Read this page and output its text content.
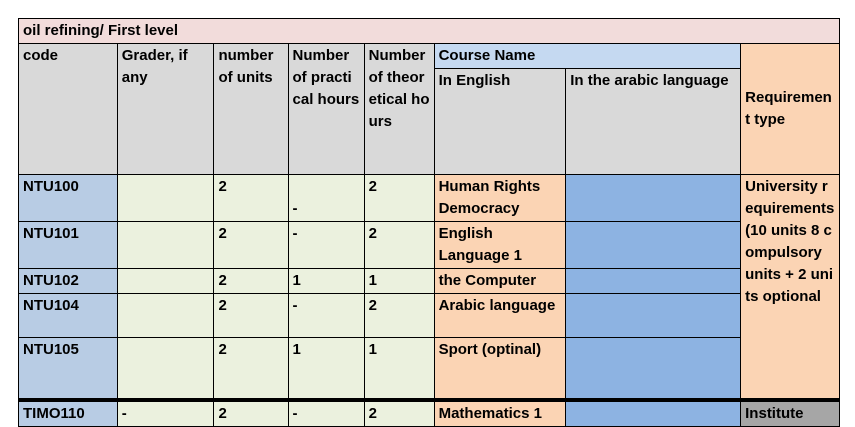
oil refining/ First level							
code	Grader, if any	number of units	Number of practical hours	Number of theoretical hours	Course Name		Requirement type
					In English	In the arabic language	
NTU100		2	-	2	Human Rights Democracy		University requirements (10 units 8 compulsory units + 2 units optional
NTU101		2	-	2	English Language 1		
NTU102		2	1	1	the Computer		
NTU104		2	-	2	Arabic language		
NTU105		2	1	1	Sport (optinal)		
TIMO110	-	2	-	2	Mathematics 1		Institute
